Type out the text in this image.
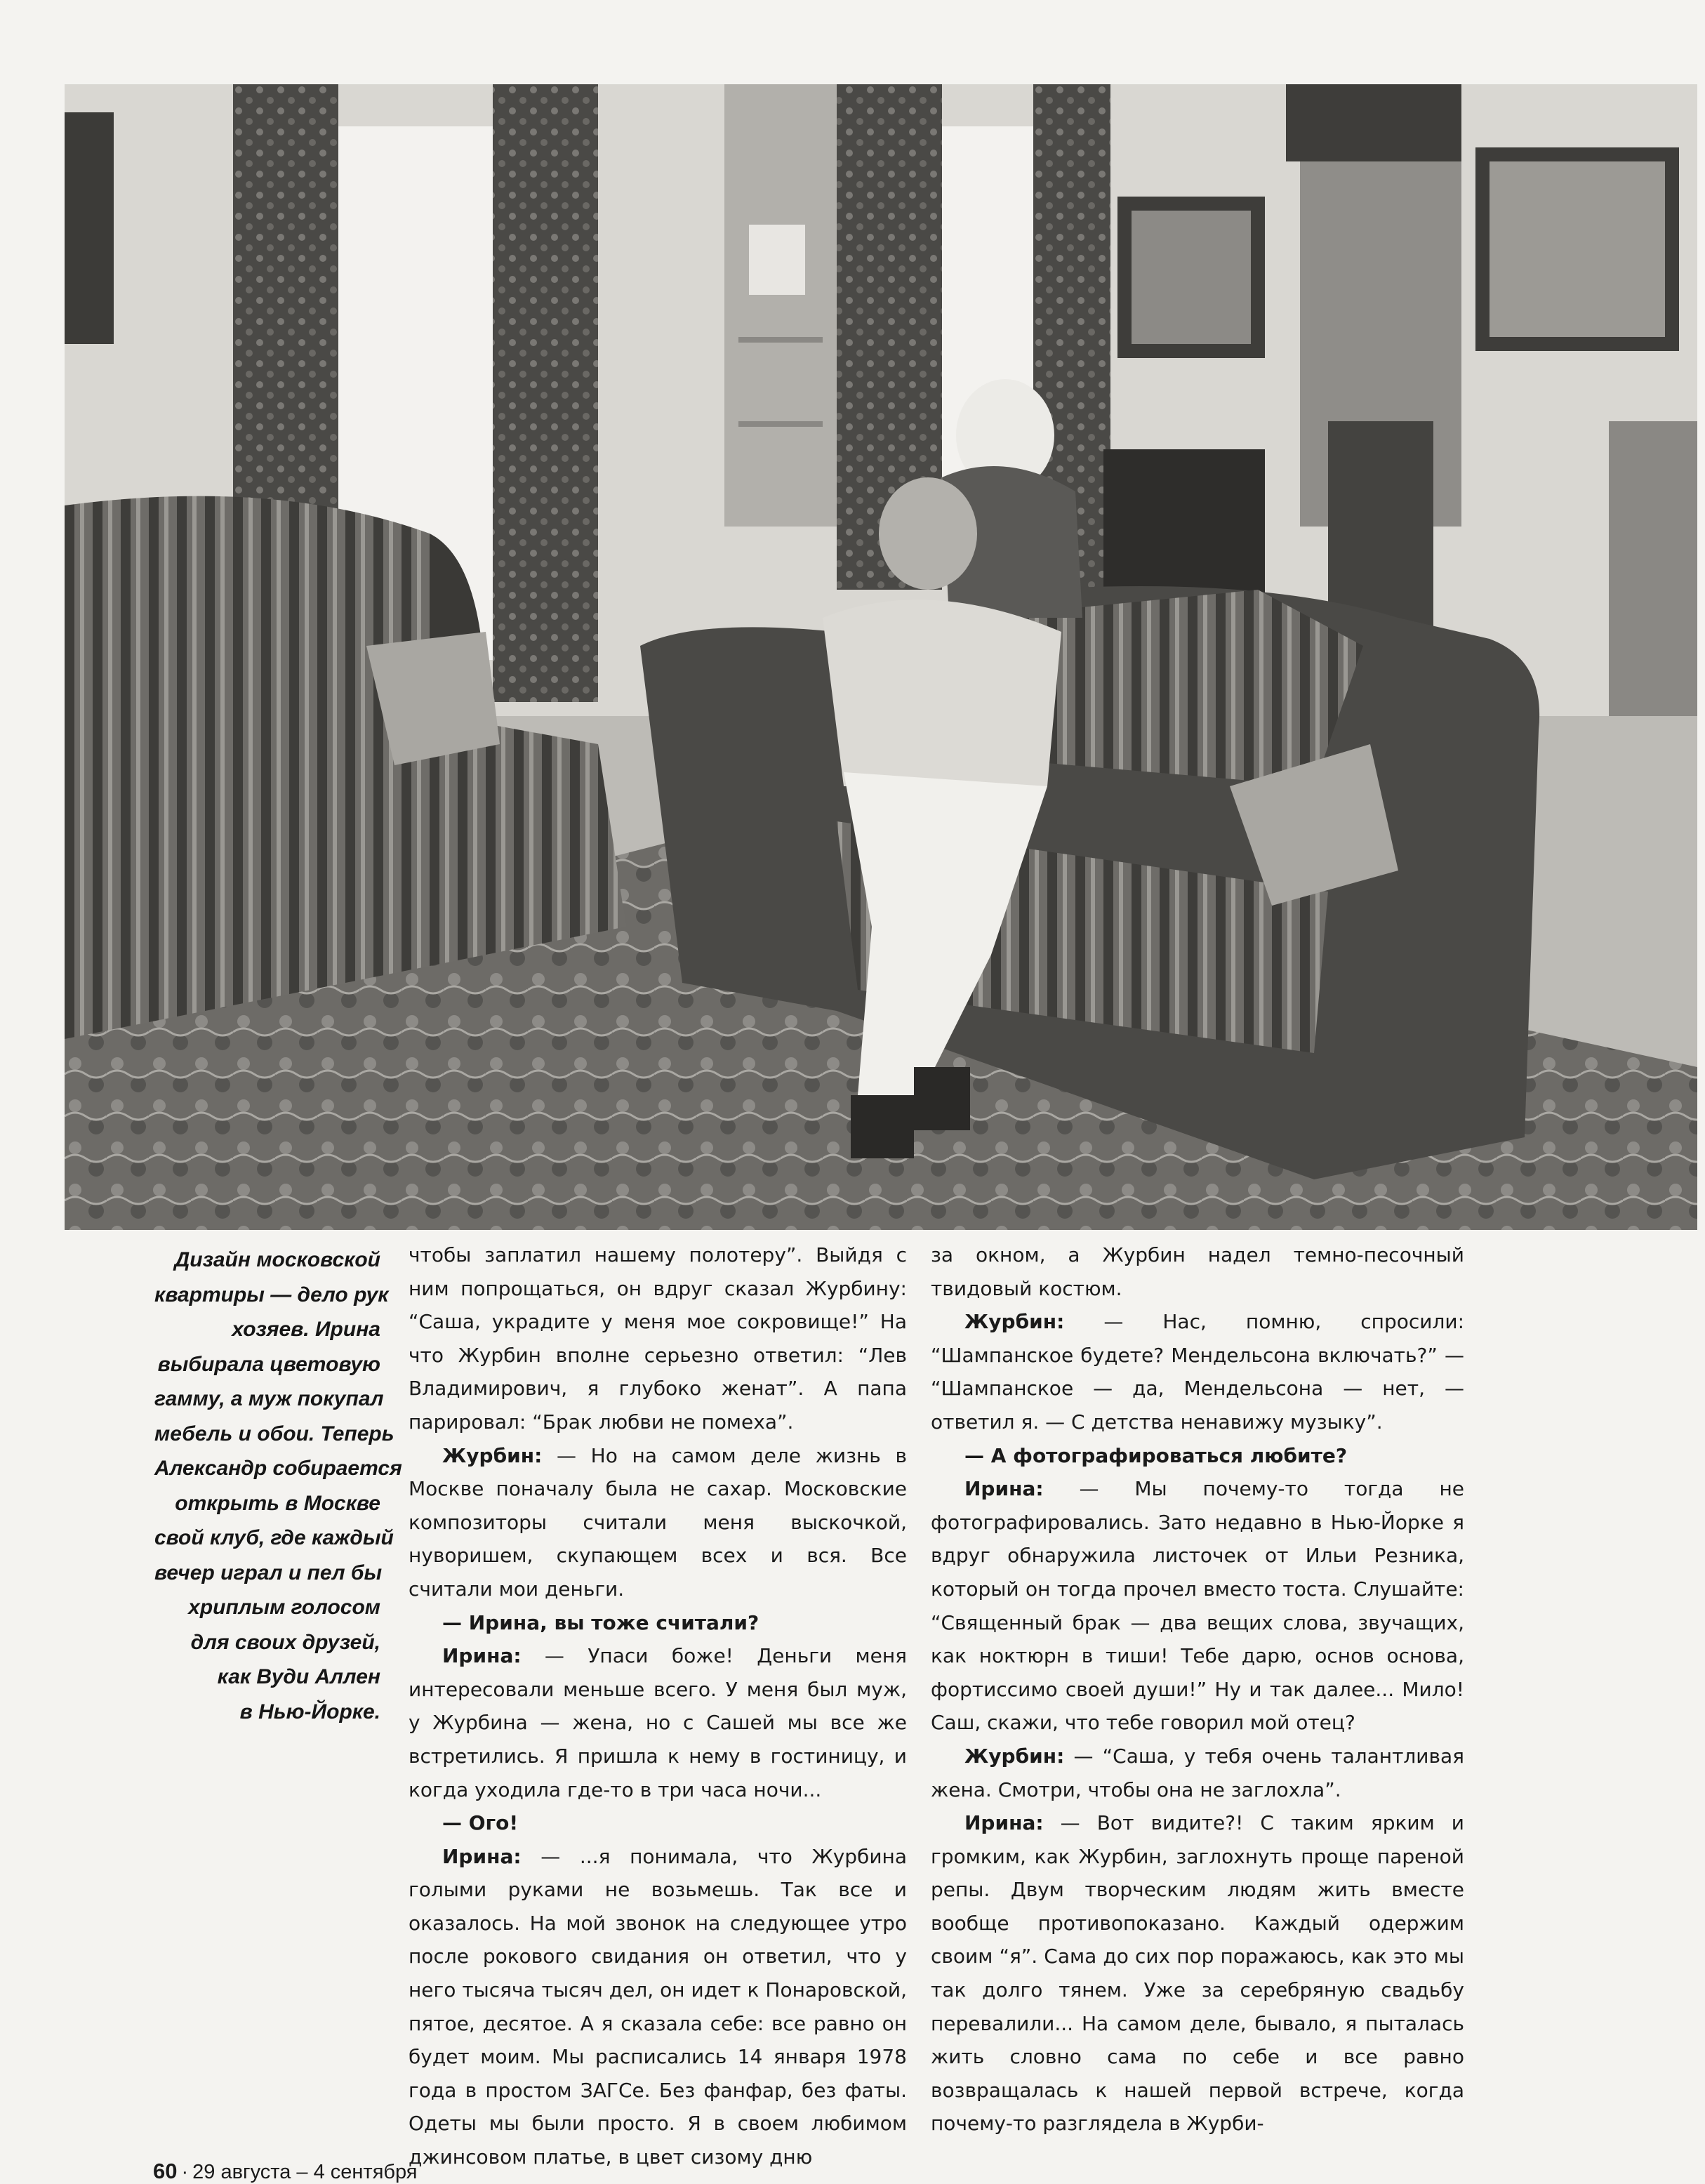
Дизайн московской
квартиры — дело рук
хозяев. Ирина
выбирала цветовую
гамму, а муж покупал
мебель и обои. Теперь
Александр собирается
открыть в Москве
свой клуб, где каждый
вечер играл и пел бы
хриплым голосом
для своих друзей,
как Вуди Аллен
в Нью-Йорке.

чтобы заплатил нашему полотеру”. Выйдя с ним попрощаться, он вдруг сказал Журбину: “Саша, украдите у меня мое сокровище!” На что Журбин вполне серьезно ответил: “Лев Владимирович, я глубоко женат”. А папа парировал: “Брак любви не помеха”.

Журбин: — Но на самом деле жизнь в Москве поначалу была не сахар. Московские композиторы считали меня выскочкой, нуворишем, скупающем всех и вся. Все считали мои деньги.

— Ирина, вы тоже считали?

Ирина: — Упаси боже! Деньги меня интересовали меньше всего. У меня был муж, у Журбина — жена, но с Сашей мы все же встретились. Я пришла к нему в гостиницу, и когда уходила где-то в три часа ночи...

— Ого!

Ирина: — ...я понимала, что Журбина голыми руками не возьмешь. Так все и оказалось. На мой звонок на следующее утро после рокового свидания он ответил, что у него тысяча тысяч дел, он идет к Понаровской, пятое, десятое. А я сказала себе: все равно он будет моим. Мы расписались 14 января 1978 года в простом ЗАГСе. Без фанфар, без фаты. Одеты мы были просто. Я в своем любимом джинсовом платье, в цвет сизому дню

за окном, а Журбин надел темно-песочный твидовый костюм.

Журбин: — Нас, помню, спросили: “Шампанское будете? Мендельсона включать?” — “Шампанское — да, Мендельсона — нет, — ответил я. — С детства ненавижу музыку”.

— А фотографироваться любите?

Ирина: — Мы почему-то тогда не фотографировались. Зато недавно в Нью-Йорке я вдруг обнаружила листочек от Ильи Резника, который он тогда прочел вместо тоста. Слушайте: “Священный брак — два вещих слова, звучащих, как ноктюрн в тиши! Тебе дарю, основ основа, фортиссимо своей души!” Ну и так далее... Мило! Саш, скажи, что тебе говорил мой отец?

Журбин: — “Саша, у тебя очень талантливая жена. Смотри, чтобы она не заглохла”.

Ирина: — Вот видите?! С таким ярким и громким, как Журбин, заглохнуть проще пареной репы. Двум творческим людям жить вместе вообще противопоказано. Каждый одержим своим “я”. Сама до сих пор поражаюсь, как это мы так долго тянем. Уже за серебряную свадьбу перевалили... На самом деле, бывало, я пыталась жить словно сама по себе и все равно возвращалась к нашей первой встрече, когда почему-то разглядела в Журби-

60 · 29 августа – 4 сентября
